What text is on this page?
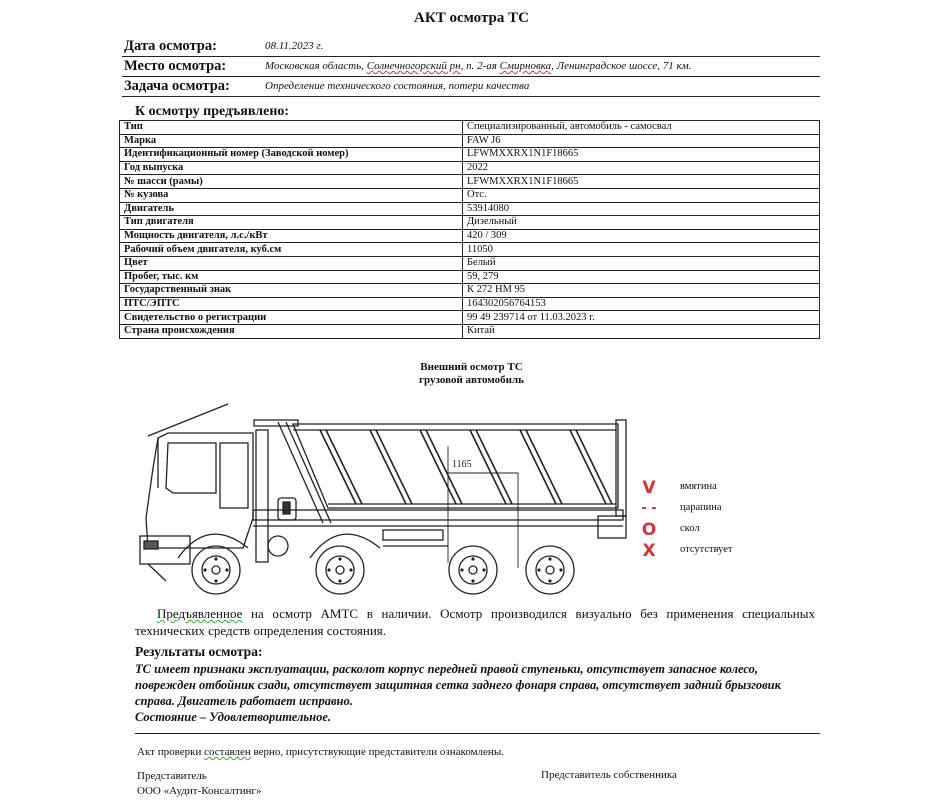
АКТ осмотра ТС
Дата осмотра:	08.11.2023 г.
Место осмотра:	Московская область, Солнечногорский рн, п. 2-ая Смирновка, Ленинградское шоссе, 71 км.
Задача осмотра:	Определение технического состояния, потери качества
К осмотру предъявлено:
Тип	Специализированный, автомобиль - самосвал
Марка	FAW J6
Идентификационный номер (Заводской номер)	LFWMXXRX1N1F18665
Год выпуска	2022
№ шасси (рамы)	LFWMXXRX1N1F18665
№ кузова	Отс.
Двигатель	53914080
Тип двигателя	Дизельный
Мощность двигателя, л.с./кВт	420 / 309
Рабочий объем двигателя, куб.см	11050
Цвет	Белый
Пробег, тыс. км	59, 279
Государственный знак	К 272 НМ 95
ПТС/ЭПТС	164302056764153
Свидетельство о регистрации	99 49 239714 от 11.03.2023 г.
Страна происхождения	Китай
Внешний осмотр ТС
грузовой автомобиль
1165
V вмятина
- - царапина
O скол
X отсутствует
Предъявленное на осмотр АМТС в наличии. Осмотр производился визуально без применения специальных технических средств определения состояния.
Результаты осмотра:
ТС имеет признаки эксплуатации, расколот корпус передней правой ступеньки, отсутствует запасное колесо, поврежден отбойник сзади, отсутствует защитная сетка заднего фонаря справа, отсутствует задний брызговик справа. Двигатель работает исправно.
Состояние – Удовлетворительное.
Акт проверки составлен верно, присутствующие представители ознакомлены.
Представитель
ООО «Аудит-Консалтинг»
Представитель собственника
